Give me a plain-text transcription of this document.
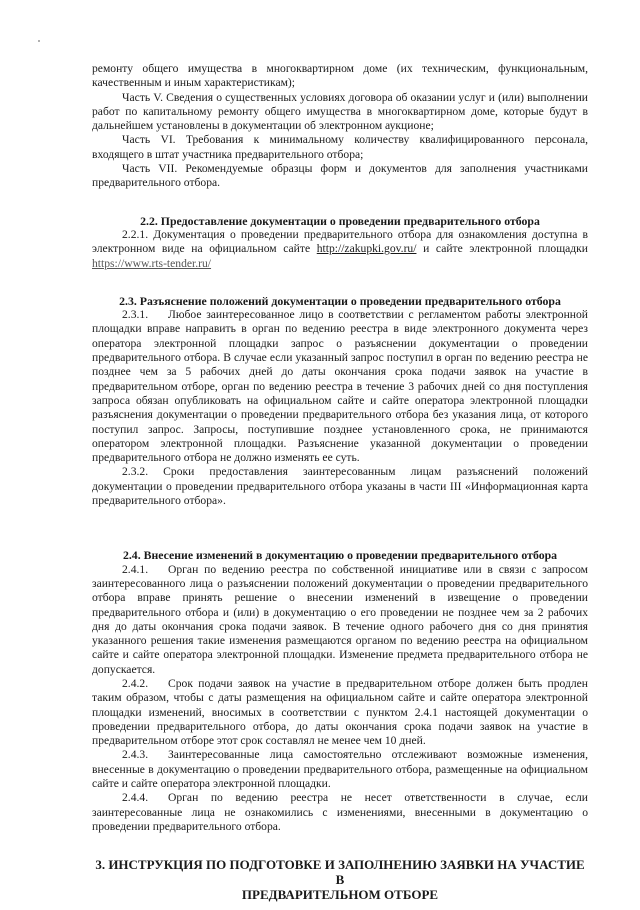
ремонту общего имущества в многоквартирном доме (их техническим, функциональным, качественным и иным характеристикам);

Часть V. Сведения о существенных условиях договора об оказании услуг и (или) выполнении работ по капитальному ремонту общего имущества в многоквартирном доме, которые будут в дальнейшем установлены в документации об электронном аукционе;

Часть VI. Требования к минимальному количеству квалифицированного персонала, входящего в штат участника предварительного отбора;

Часть VII. Рекомендуемые образцы форм и документов для заполнения участниками предварительного отбора.

2.2. Предоставление документации о проведении предварительного отбора

2.2.1. Документация о проведении предварительного отбора для ознакомления доступна в электронном виде на официальном сайте http://zakupki.gov.ru/ и сайте электронной площадки https://www.rts-tender.ru/

2.3. Разъяснение положений документации о проведении предварительного отбора

2.3.1. Любое заинтересованное лицо в соответствии с регламентом работы электронной площадки вправе направить в орган по ведению реестра в виде электронного документа через оператора электронной площадки запрос о разъяснении документации о проведении предварительного отбора. В случае если указанный запрос поступил в орган по ведению реестра не позднее чем за 5 рабочих дней до даты окончания срока подачи заявок на участие в предварительном отборе, орган по ведению реестра в течение 3 рабочих дней со дня поступления запроса обязан опубликовать на официальном сайте и сайте оператора электронной площадки разъяснения документации о проведении предварительного отбора без указания лица, от которого поступил запрос. Запросы, поступившие позднее установленного срока, не принимаются оператором электронной площадки. Разъяснение указанной документации о проведении предварительного отбора не должно изменять ее суть.

2.3.2. Сроки предоставления заинтересованным лицам разъяснений положений документации о проведении предварительного отбора указаны в части III «Информационная карта предварительного отбора».

2.4. Внесение изменений в документацию о проведении предварительного отбора

2.4.1. Орган по ведению реестра по собственной инициативе или в связи с запросом заинтересованного лица о разъяснении положений документации о проведении предварительного отбора вправе принять решение о внесении изменений в извещение о проведении предварительного отбора и (или) в документацию о его проведении не позднее чем за 2 рабочих дня до даты окончания срока подачи заявок. В течение одного рабочего дня со дня принятия указанного решения такие изменения размещаются органом по ведению реестра на официальном сайте и сайте оператора электронной площадки. Изменение предмета предварительного отбора не допускается.

2.4.2. Срок подачи заявок на участие в предварительном отборе должен быть продлен таким образом, чтобы с даты размещения на официальном сайте и сайте оператора электронной площадки изменений, вносимых в соответствии с пунктом 2.4.1 настоящей документации о проведении предварительного отбора, до даты окончания срока подачи заявок на участие в предварительном отборе этот срок составлял не менее чем 10 дней.

2.4.3. Заинтересованные лица самостоятельно отслеживают возможные изменения, внесенные в документацию о проведении предварительного отбора, размещенные на официальном сайте и сайте оператора электронной площадки.

2.4.4. Орган по ведению реестра не несет ответственности в случае, если заинтересованные лица не ознакомились с изменениями, внесенными в документацию о проведении предварительного отбора.

3. ИНСТРУКЦИЯ ПО ПОДГОТОВКЕ И ЗАПОЛНЕНИЮ ЗАЯВКИ НА УЧАСТИЕ В

ПРЕДВАРИТЕЛЬНОМ ОТБОРЕ
